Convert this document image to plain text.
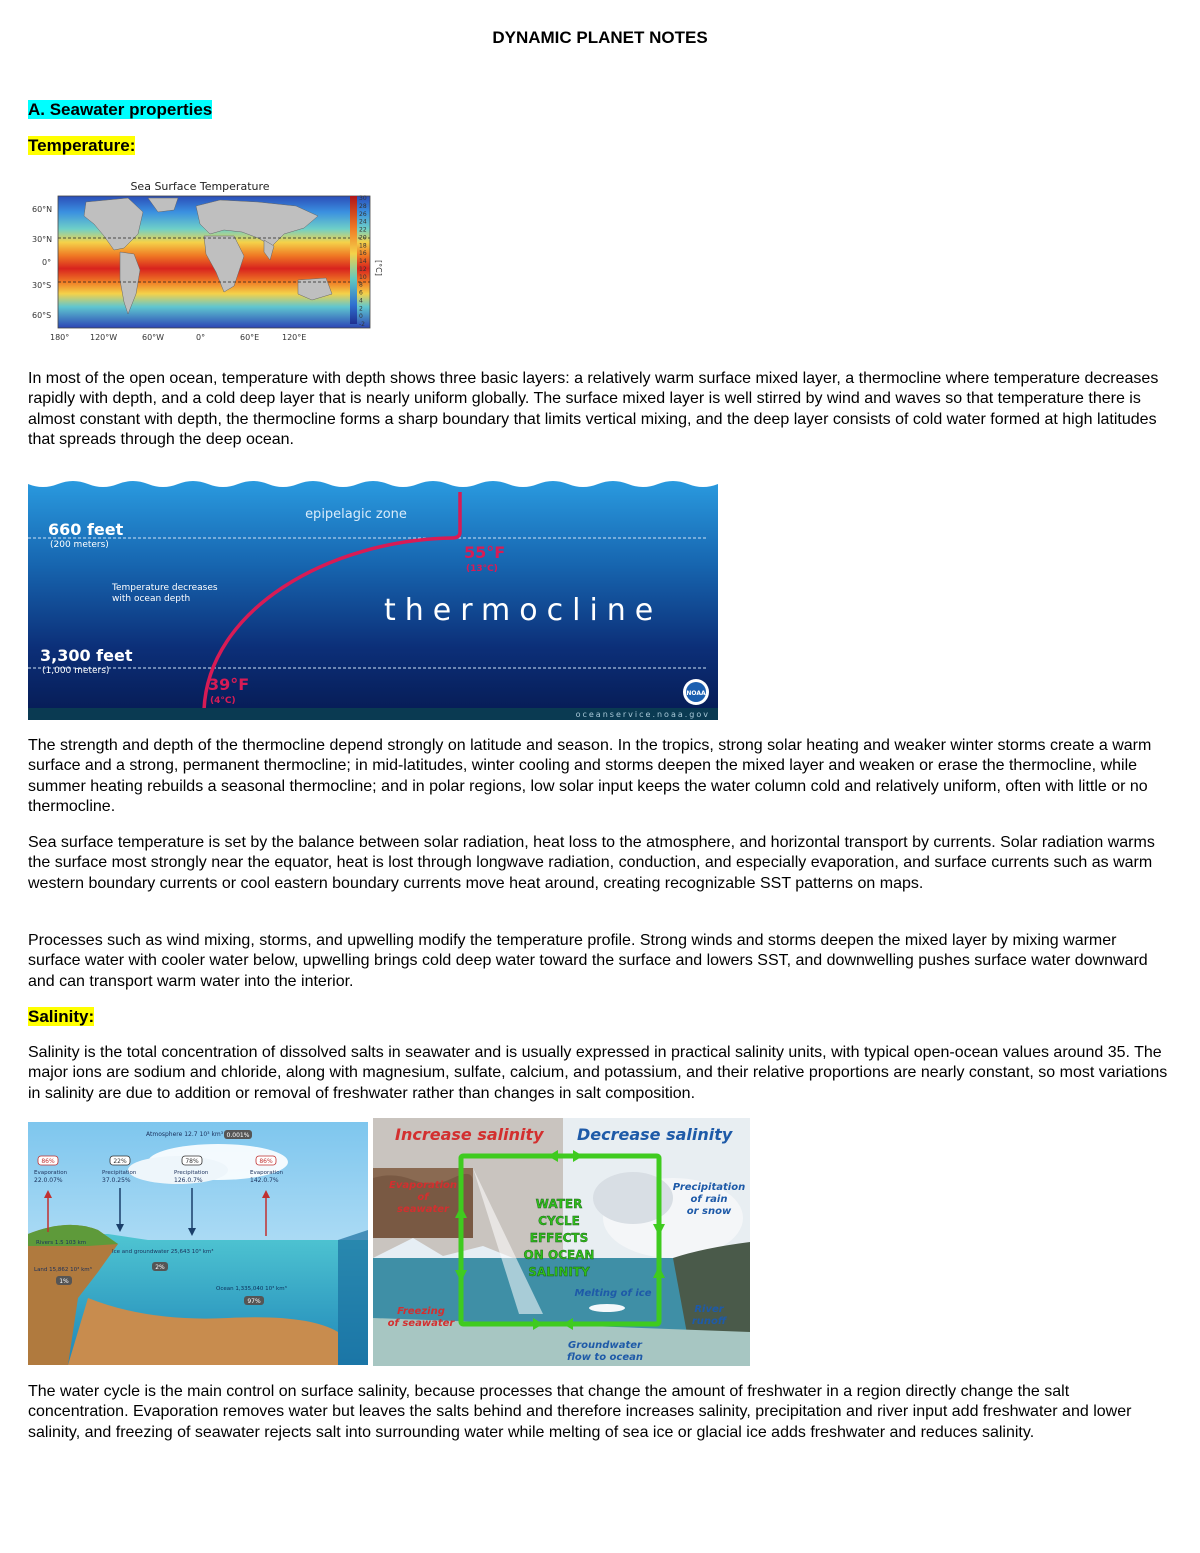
DYNAMIC PLANET NOTES
A. Seawater properties
Temperature:
Sea Surface Temperature
60°N
30°N
0°
30°S
60°S
180°	120°W	60°W	0°	60°E	120°E
30
28
26
24
22
20
18
16
14
12
10
8
6
4
2
0
-2
[°C]

In most of the open ocean, temperature with depth shows three basic layers: a relatively warm surface mixed layer, a thermocline where temperature decreases rapidly with depth, and a cold deep layer that is nearly uniform globally. The surface mixed layer is well stirred by wind and waves so that temperature there is almost constant with depth, the thermocline forms a sharp boundary that limits vertical mixing, and the deep layer consists of cold water formed at high latitudes that spreads through the deep ocean.

epipelagic zone
660 feet
(200 meters)	55°F
(13°C)
Temperature decreases
with ocean depth	thermocline
3,300 feet
(1,000 meters)
39°F
(4°C)
NOAA
oceanservice.noaa.gov

The strength and depth of the thermocline depend strongly on latitude and season. In the tropics, strong solar heating and weaker winter storms create a warm surface and a strong, permanent thermocline; in mid-latitudes, winter cooling and storms deepen the mixed layer and weaken or erase the thermocline, while summer heating rebuilds a seasonal thermocline; and in polar regions, low solar input keeps the water column cold and relatively uniform, often with little or no thermocline.

Sea surface temperature is set by the balance between solar radiation, heat loss to the atmosphere, and horizontal transport by currents. Solar radiation warms the surface most strongly near the equator, heat is lost through longwave radiation, conduction, and especially evaporation, and surface currents such as warm western boundary currents or cool eastern boundary currents move heat around, creating recognizable SST patterns on maps.

Processes such as wind mixing, storms, and upwelling modify the temperature profile. Strong winds and storms deepen the mixed layer by mixing warmer surface water with cooler water below, upwelling brings cold deep water toward the surface and lowers SST, and downwelling pushes surface water downward and can transport warm water into the interior.

Salinity:

Salinity is the total concentration of dissolved salts in seawater and is usually expressed in practical salinity units, with typical open-ocean values around 35. The major ions are sodium and chloride, along with magnesium, sulfate, calcium, and potassium, and their relative proportions are nearly constant, so most variations in salinity are due to addition or removal of freshwater rather than changes in salt composition.

Atmosphere 12.7 10³ km³ 0.001%
86%
Evaporation
22.0.07%
22%
Precipitation
37.0.25%
78%
Precipitation
126.0.7%
86%
Evaporation
142.0.7%
Rivers 1.5 103 km
Ice and groundwater 25,643 10³ km³
2%
Land 15,862 10³ km³
1%
Ocean 1,335,040 10³ km³
97%
Increase salinity Decrease salinity
WATER
CYCLE
EFFECTS
ON OCEAN
SALINITY
Evaporation
of
seawater
Precipitation
of rain
or snow
Melting of ice
Freezing
of seawater
River
runoff
Groundwater
flow to ocean

The water cycle is the main control on surface salinity, because processes that change the amount of freshwater in a region directly change the salt concentration. Evaporation removes water but leaves the salts behind and therefore increases salinity, precipitation and river input add freshwater and lower salinity, and freezing of seawater rejects salt into surrounding water while melting of sea ice or glacial ice adds freshwater and reduces salinity.
